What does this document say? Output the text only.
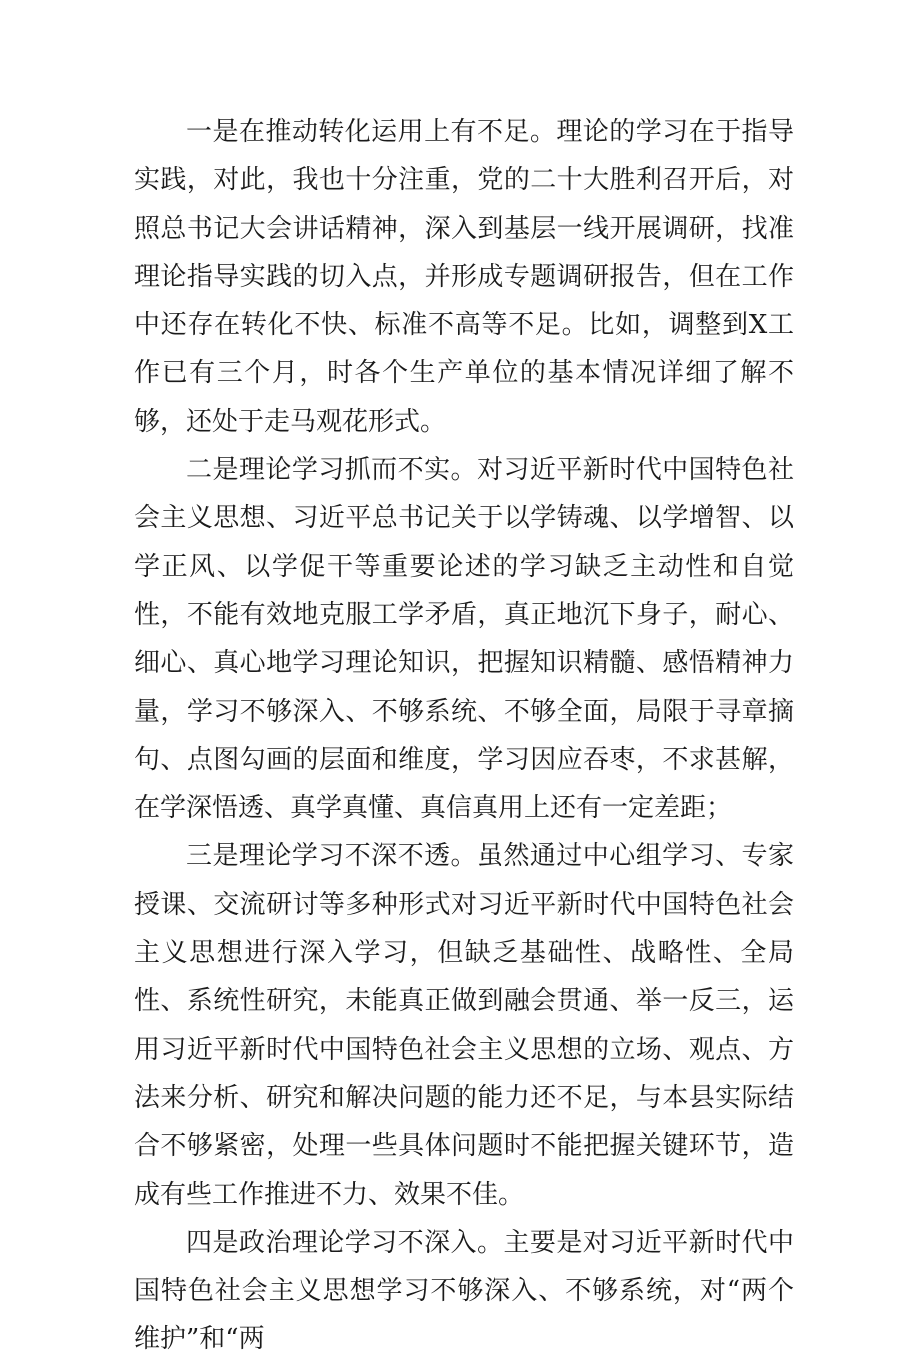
一是在推动转化运用上有不足。理论的学习在于指导实践，对此，我也十分注重，党的二十大胜利召开后，对照总书记大会讲话精神，深入到基层一线开展调研，找准理论指导实践的切入点，并形成专题调研报告，但在工作中还存在转化不快、标准不高等不足。比如，调整到X工作已有三个月，时各个生产单位的基本情况详细了解不够，还处于走马观花形式。

二是理论学习抓而不实。对习近平新时代中国特色社会主义思想、习近平总书记关于以学铸魂、以学增智、以学正风、以学促干等重要论述的学习缺乏主动性和自觉性，不能有效地克服工学矛盾，真正地沉下身子，耐心、细心、真心地学习理论知识，把握知识精髓、感悟精神力量，学习不够深入、不够系统、不够全面，局限于寻章摘句、点图勾画的层面和维度，学习因应吞枣，不求甚解，在学深悟透、真学真懂、真信真用上还有一定差距；

三是理论学习不深不透。虽然通过中心组学习、专家授课、交流研讨等多种形式对习近平新时代中国特色社会主义思想进行深入学习，但缺乏基础性、战略性、全局性、系统性研究，未能真正做到融会贯通、举一反三，运用习近平新时代中国特色社会主义思想的立场、观点、方法来分析、研究和解决问题的能力还不足，与本县实际结合不够紧密，处理一些具体问题时不能把握关键环节，造成有些工作推进不力、效果不佳。

四是政治理论学习不深入。主要是对习近平新时代中国特色社会主义思想学习不够深入、不够系统，对“两个维护”和“两
